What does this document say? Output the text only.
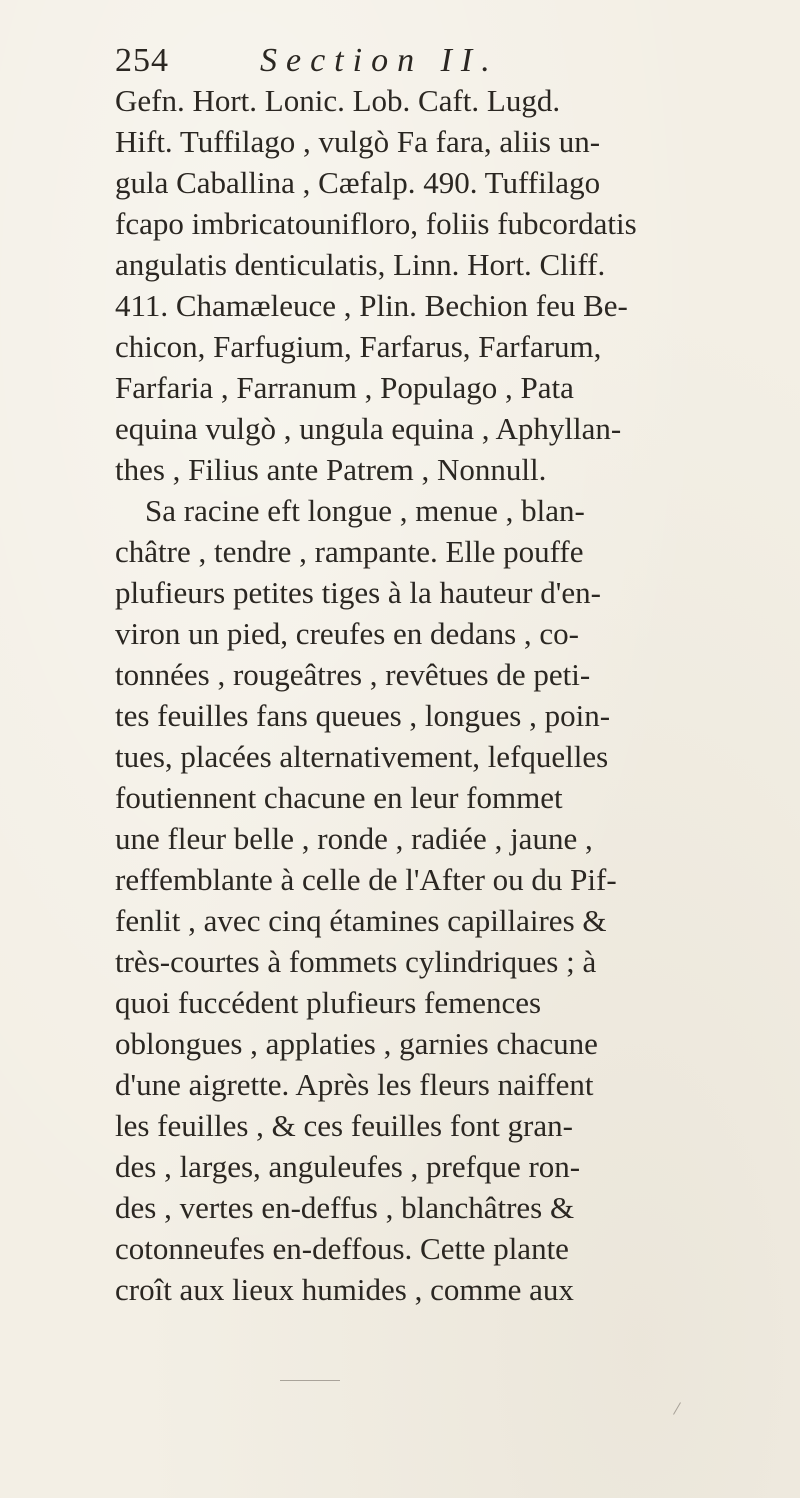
254	Section II.
Gefn. Hort. Lonic. Lob. Caft. Lugd.
Hift. Tuffilago , vulgò Fa fara, aliis un-
gula Caballina , Cæfalp. 490. Tuffilago
fcapo imbricatounifloro, foliis fubcordatis
angulatis denticulatis, Linn. Hort. Cliff.
411. Chamæleuce , Plin. Bechion feu Be-
chicon, Farfugium, Farfarus, Farfarum,
Farfaria , Farranum , Populago , Pata
equina vulgò , ungula equina , Aphyllan-
thes , Filius ante Patrem , Nonnull.
Sa racine eft longue , menue , blan-
châtre , tendre , rampante. Elle pouffe
plufieurs petites tiges à la hauteur d'en-
viron un pied, creufes en dedans , co-
tonnées , rougeâtres , revêtues de peti-
tes feuilles fans queues , longues , poin-
tues, placées alternativement, lefquelles
foutiennent chacune en leur fommet
une fleur belle , ronde , radiée , jaune ,
reffemblante à celle de l'After ou du Pif-
fenlit , avec cinq étamines capillaires &
très-courtes à fommets cylindriques ; à
quoi fuccédent plufieurs femences
oblongues , applaties , garnies chacune
d'une aigrette. Après les fleurs naiffent
les feuilles , & ces feuilles font gran-
des , larges, anguleufes , prefque ron-
des , vertes en-deffus , blanchâtres &
cotonneufes en-deffous. Cette plante
croît aux lieux humides , comme aux
